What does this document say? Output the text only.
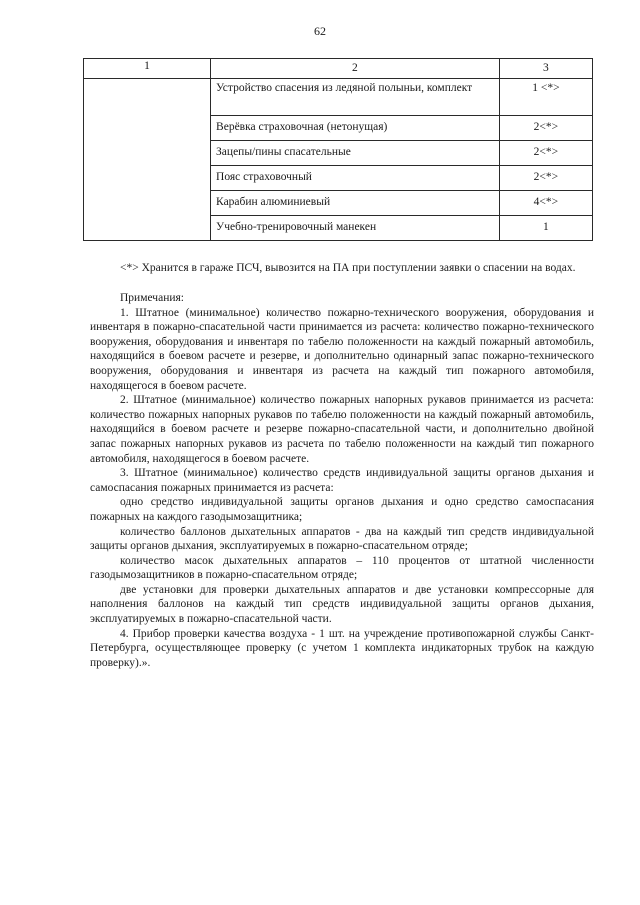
62
1	2	3
	Устройство спасения из ледяной полыньи, комплект	1 <*>
	Верёвка страховочная (нетонущая)	2<*>
	Зацепы/пины спасательные	2<*>
	Пояс страховочный	2<*>
	Карабин алюминиевый	4<*>
	Учебно-тренировочный манекен	1

<*> Хранится в гараже ПСЧ, вывозится на ПА при поступлении заявки о спасении на водах.

Примечания:

1. Штатное (минимальное) количество пожарно-технического вооружения, оборудования и инвентаря в пожарно-спасательной части принимается из расчета: количество пожарно-технического вооружения, оборудования и инвентаря по табелю положенности на каждый пожарный автомобиль, находящийся в боевом расчете и резерве, и дополнительно одинарный запас пожарно-технического вооружения, оборудования и инвентаря из расчета на каждый тип пожарного автомобиля, находящегося в боевом расчете.

2. Штатное (минимальное) количество пожарных напорных рукавов принимается из расчета: количество пожарных напорных рукавов по табелю положенности на каждый пожарный автомобиль, находящийся в боевом расчете и резерве пожарно-спасательной части, и дополнительно двойной запас пожарных напорных рукавов из расчета по табелю положенности на каждый тип пожарного автомобиля, находящегося в боевом расчете.

3. Штатное (минимальное) количество средств индивидуальной защиты органов дыхания и самоспасания пожарных принимается из расчета:

одно средство индивидуальной защиты органов дыхания и одно средство самоспасания пожарных на каждого газодымозащитника;

количество баллонов дыхательных аппаратов - два на каждый тип средств индивидуальной защиты органов дыхания, эксплуатируемых в пожарно-спасательном отряде;

количество масок дыхательных аппаратов – 110 процентов от штатной численности газодымозащитников в пожарно-спасательном отряде;

две установки для проверки дыхательных аппаратов и две установки компрессорные для наполнения баллонов на каждый тип средств индивидуальной защиты органов дыхания, эксплуатируемых в пожарно-спасательной части.

4. Прибор проверки качества воздуха - 1 шт. на учреждение противопожарной службы Санкт-Петербурга, осуществляющее проверку (с учетом 1 комплекта индикаторных трубок на каждую проверку).».
